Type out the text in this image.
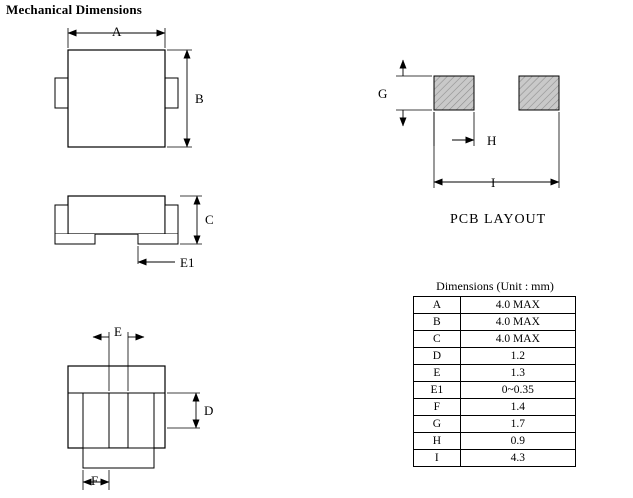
Mechanical Dimensions
A
B
C
E1
E
D
F
G
H
I
PCB LAYOUT
Dimensions (Unit : mm)
A	4.0 MAX
B	4.0 MAX
C	4.0 MAX
D	1.2
E	1.3
E1	0~0.35
F	1.4
G	1.7
H	0.9
I	4.3
